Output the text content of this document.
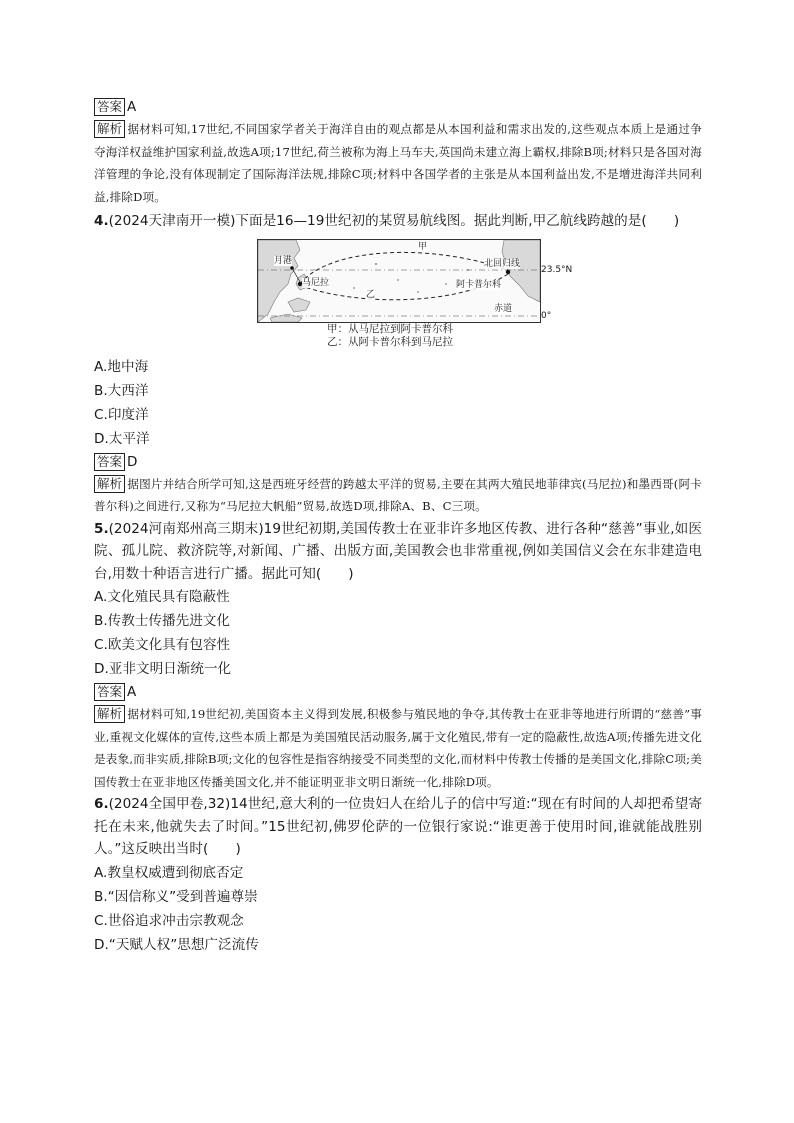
答案 A
解析 据材料可知,17世纪,不同国家学者关于海洋自由的观点都是从本国利益和需求出发的,这些观点本质上是通过争夺海洋权益维护国家利益,故选A项;17世纪,荷兰被称为海上马车夫,英国尚未建立海上霸权,排除B项;材料只是各国对海洋管理的争论,没有体现制定了国际海洋法规,排除C项;材料中各国学者的主张是从本国利益出发,不是增进海洋共同利益,排除D项。
4.(2024天津南开一模)下面是16—19世纪初的某贸易航线图。据此判断,甲乙航线跨越的是(　　)
甲
乙
月港
马尼拉	阿卡普尔科
北回归线
赤道
23.5°N
0°
甲：从马尼拉到阿卡普尔科
乙：从阿卡普尔科到马尼拉
A.地中海
B.大西洋
C.印度洋
D.太平洋
答案 D
解析 据图片并结合所学可知,这是西班牙经营的跨越太平洋的贸易,主要在其两大殖民地菲律宾(马尼拉)和墨西哥(阿卡普尔科)之间进行,又称为“马尼拉大帆船”贸易,故选D项,排除A、B、C三项。
5.(2024河南郑州高三期末)19世纪初期,美国传教士在亚非许多地区传教、进行各种“慈善”事业,如医院、孤儿院、救济院等,对新闻、广播、出版方面,美国教会也非常重视,例如美国信义会在东非建造电台,用数十种语言进行广播。据此可知(　　)
A.文化殖民具有隐蔽性
B.传教士传播先进文化
C.欧美文化具有包容性
D.亚非文明日渐统一化
答案 A
解析 据材料可知,19世纪初,美国资本主义得到发展,积极参与殖民地的争夺,其传教士在亚非等地进行所谓的“慈善”事业,重视文化媒体的宣传,这些本质上都是为美国殖民活动服务,属于文化殖民,带有一定的隐蔽性,故选A项;传播先进文化是表象,而非实质,排除B项;文化的包容性是指容纳接受不同类型的文化,而材料中传教士传播的是美国文化,排除C项;美国传教士在亚非地区传播美国文化,并不能证明亚非文明日渐统一化,排除D项。
6.(2024全国甲卷,32)14世纪,意大利的一位贵妇人在给儿子的信中写道:“现在有时间的人却把希望寄托在未来,他就失去了时间。”15世纪初,佛罗伦萨的一位银行家说:“谁更善于使用时间,谁就能战胜别人。”这反映出当时(　　)
A.教皇权威遭到彻底否定
B.“因信称义”受到普遍尊崇
C.世俗追求冲击宗教观念
D.“天赋人权”思想广泛流传
